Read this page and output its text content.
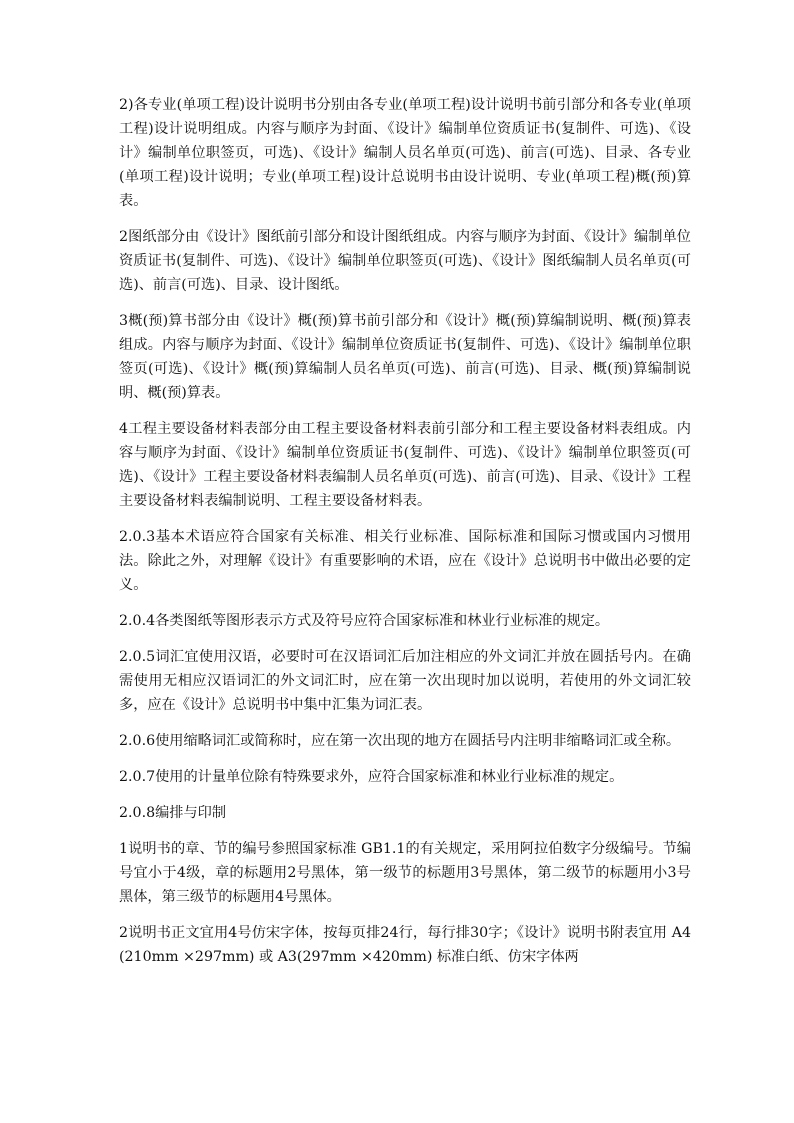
2)各专业(单项工程)设计说明书分别由各专业(单项工程)设计说明书前引部分和各专业(单项工程)设计说明组成。内容与顺序为封面、《设计》编制单位资质证书(复制件、可选)、《设计》编制单位职签页，可选)、《设计》编制人员名单页(可选)、前言(可选)、目录、各专业(单项工程)设计说明；专业(单项工程)设计总说明书由设计说明、专业(单项工程)概(预)算表。

2图纸部分由《设计》图纸前引部分和设计图纸组成。内容与顺序为封面、《设计》编制单位资质证书(复制件、可选)、《设计》编制单位职签页(可选)、《设计》图纸编制人员名单页(可选)、前言(可选)、目录、设计图纸。

3概(预)算书部分由《设计》概(预)算书前引部分和《设计》概(预)算编制说明、概(预)算表组成。内容与顺序为封面、《设计》编制单位资质证书(复制件、可选)、《设计》编制单位职签页(可选)、《设计》概(预)算编制人员名单页(可选)、前言(可选)、目录、概(预)算编制说明、概(预)算表。

4工程主要设备材料表部分由工程主要设备材料表前引部分和工程主要设备材料表组成。内容与顺序为封面、《设计》编制单位资质证书(复制件、可选)、《设计》编制单位职签页(可选)、《设计》工程主要设备材料表编制人员名单页(可选)、前言(可选)、目录、《设计》工程主要设备材料表编制说明、工程主要设备材料表。

2.0.3基本术语应符合国家有关标准、相关行业标准、国际标准和国际习惯或国内习惯用法。除此之外，对理解《设计》有重要影响的术语，应在《设计》总说明书中做出必要的定义。

2.0.4各类图纸等图形表示方式及符号应符合国家标准和林业行业标准的规定。

2.0.5词汇宜使用汉语，必要时可在汉语词汇后加注相应的外文词汇并放在圆括号内。在确需使用无相应汉语词汇的外文词汇时，应在第一次出现时加以说明，若使用的外文词汇较多，应在《设计》总说明书中集中汇集为词汇表。

2.0.6使用缩略词汇或简称时，应在第一次出现的地方在圆括号内注明非缩略词汇或全称。

2.0.7使用的计量单位除有特殊要求外，应符合国家标准和林业行业标准的规定。

2.0.8编排与印制

1说明书的章、节的编号参照国家标准 GB1.1的有关规定，采用阿拉伯数字分级编号。节编号宜小于4级，章的标题用2号黑体，第一级节的标题用3号黑体，第二级节的标题用小3号黑体，第三级节的标题用4号黑体。

2说明书正文宜用4号仿宋字体，按每页排24行，每行排30字；《设计》说明书附表宜用 A4(210mm ×297mm) 或 A3(297mm ×420mm) 标准白纸、仿宋字体两
